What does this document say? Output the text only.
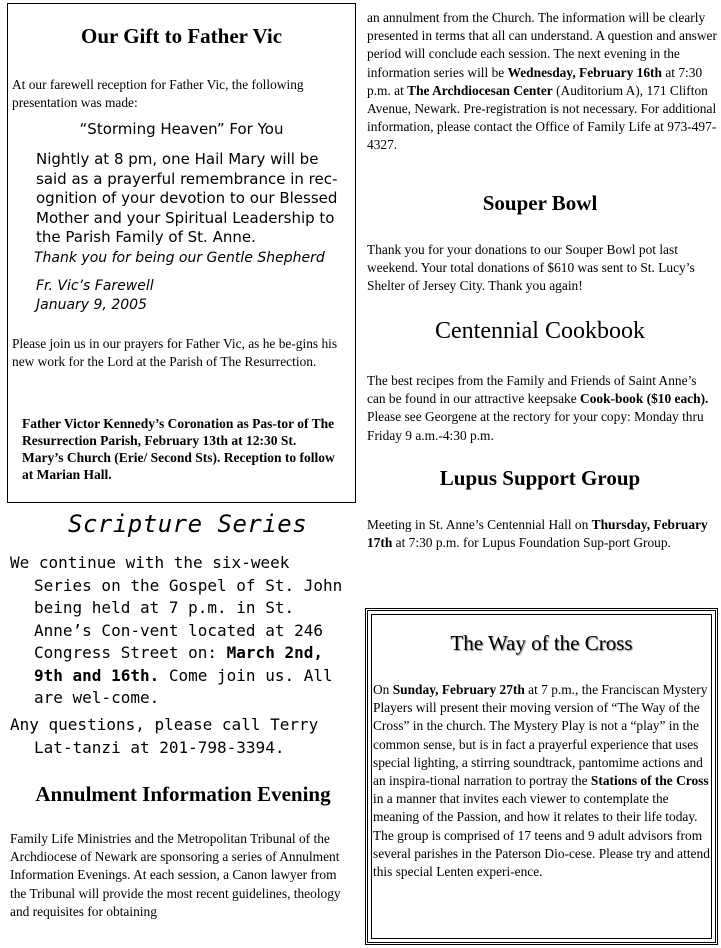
Our Gift to Father Vic

At our farewell reception for Father Vic, the following presentation was made:

“Storming Heaven” For You

Nightly at 8 pm, one Hail Mary will be said as a prayerful remembrance in rec-ognition of your devotion to our Blessed Mother and your Spiritual Leadership to the Parish Family of St. Anne.

Thank you for being our Gentle Shepherd

Fr. Vic’s Farewell

January 9, 2005

Please join us in our prayers for Father Vic, as he be-gins his new work for the Lord at the Parish of The Resurrection.

Father Victor Kennedy’s Coronation as Pas-tor of The Resurrection Parish, February 13th at 12:30 St. Mary’s Church (Erie/ Second Sts). Reception to follow at Marian Hall.

Scripture Series

We continue with the six-week Series on the Gospel of St. John being held at 7 p.m. in St. Anne’s Con-vent located at 246 Congress Street on: March 2nd, 9th and 16th. Come join us. All are wel-come.

Any questions, please call Terry Lat-tanzi at 201-798-3394.

Annulment Information Evening

Family Life Ministries and the Metropolitan Tribunal of the Archdiocese of Newark are sponsoring a series of Annulment Information Evenings. At each session, a Canon lawyer from the Tribunal will provide the most recent guidelines, theology and requisites for obtaining

an annulment from the Church. The information will be clearly presented in terms that all can understand. A question and answer period will conclude each session. The next evening in the information series will be Wednesday, February 16th at 7:30 p.m. at The Archdiocesan Center (Auditorium A), 171 Clifton Avenue, Newark. Pre-registration is not necessary. For additional information, please contact the Office of Family Life at 973-497-4327.

Souper Bowl

Thank you for your donations to our Souper Bowl pot last weekend. Your total donations of $610 was sent to St. Lucy’s Shelter of Jersey City. Thank you again!

Centennial Cookbook

The best recipes from the Family and Friends of Saint Anne’s can be found in our attractive keepsake Cook-book ($10 each). Please see Georgene at the rectory for your copy: Monday thru Friday 9 a.m.-4:30 p.m.

Lupus Support Group

Meeting in St. Anne’s Centennial Hall on Thursday, February 17th at 7:30 p.m. for Lupus Foundation Sup-port Group.

The Way of the Cross

On Sunday, February 27th at 7 p.m., the Franciscan Mystery Players will present their moving version of “The Way of the Cross” in the church. The Mystery Play is not a “play” in the common sense, but is in fact a prayerful experience that uses special lighting, a stirring soundtrack, pantomime actions and an inspira-tional narration to portray the Stations of the Cross in a manner that invites each viewer to contemplate the meaning of the Passion, and how it relates to their life today. The group is comprised of 17 teens and 9 adult advisors from several parishes in the Paterson Dio-cese. Please try and attend this special Lenten experi-ence.
